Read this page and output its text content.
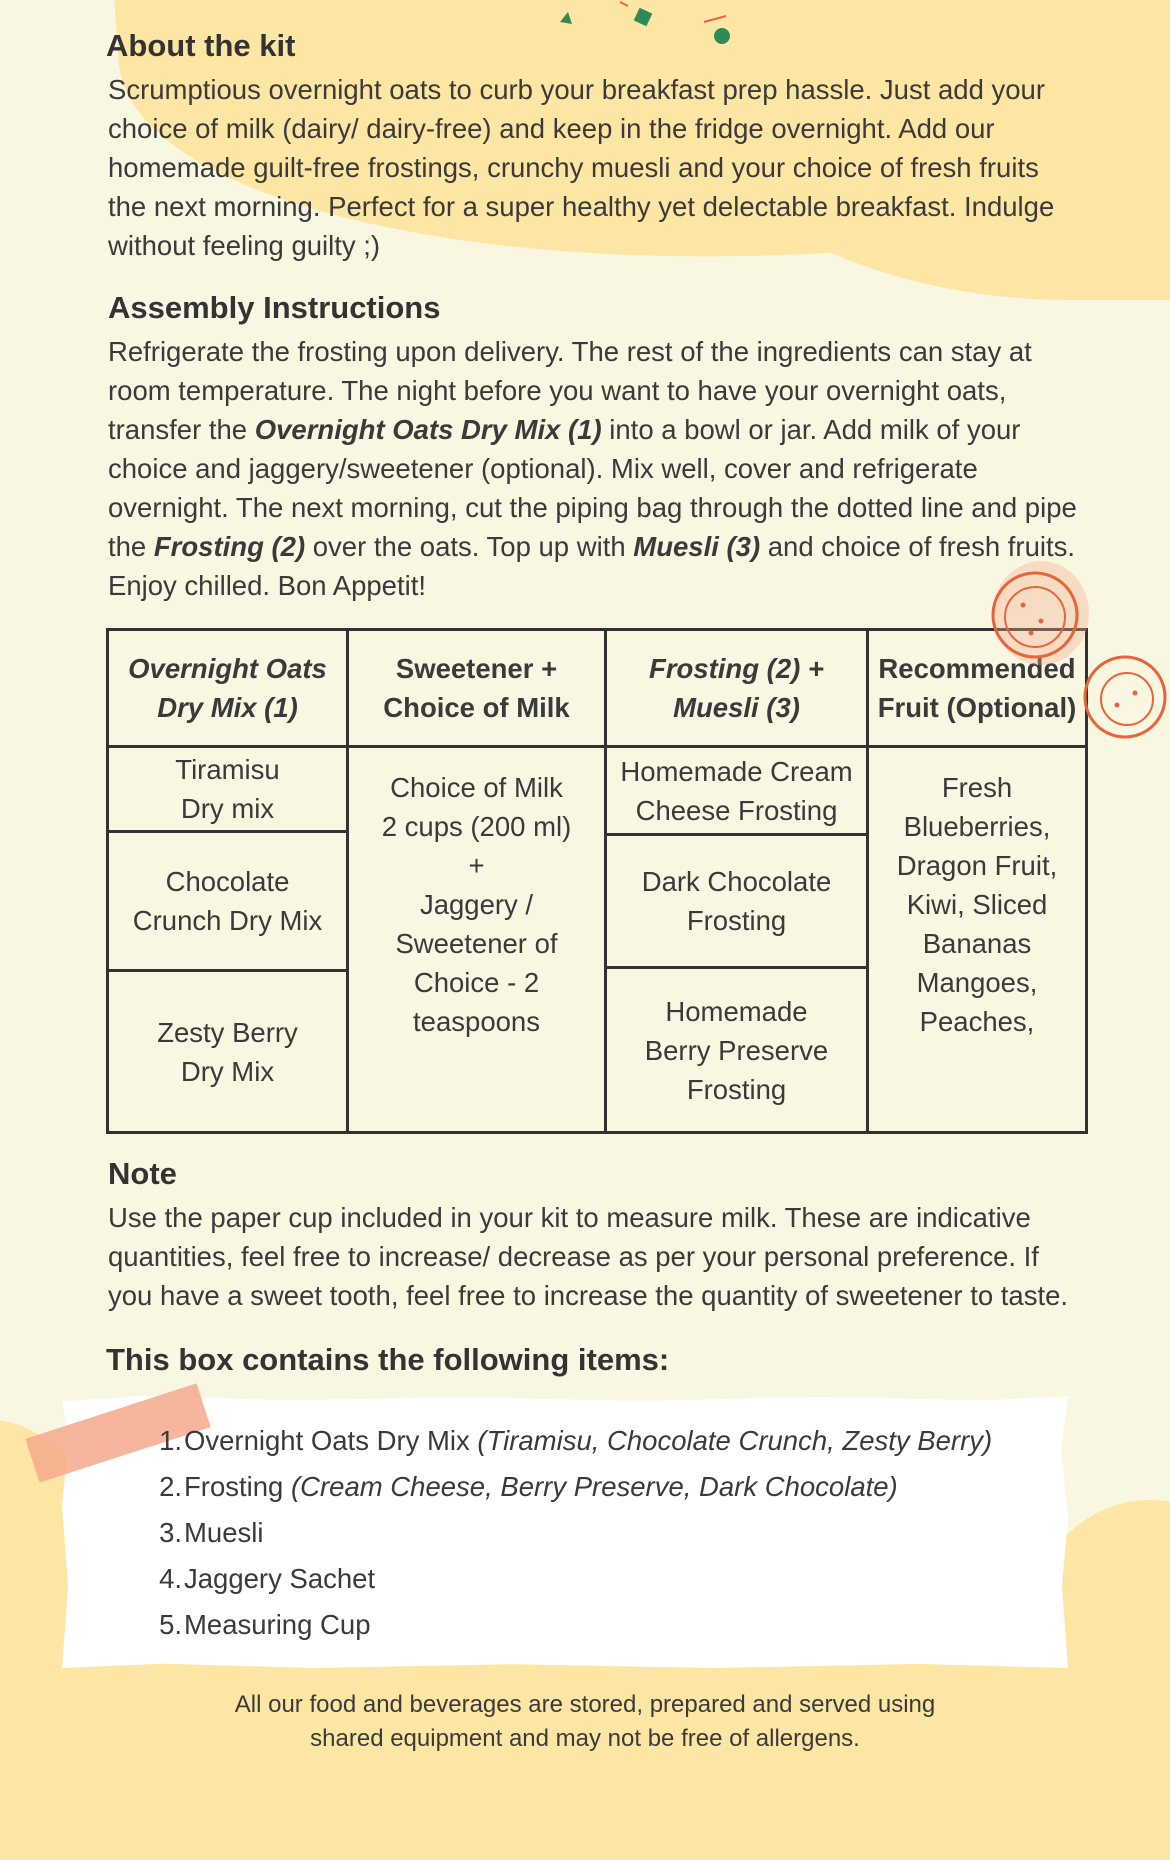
About the kit

Scrumptious overnight oats to curb your breakfast prep hassle. Just add your
choice of milk (dairy/ dairy-free) and keep in the fridge overnight. Add our
homemade guilt-free frostings, crunchy muesli and your choice of fresh fruits
the next morning. Perfect for a super healthy yet delectable breakfast. Indulge
without feeling guilty ;)

Assembly Instructions

Refrigerate the frosting upon delivery. The rest of the ingredients can stay at
room temperature. The night before you want to have your overnight oats,
transfer the Overnight Oats Dry Mix (1) into a bowl or jar. Add milk of your
choice and jaggery/sweetener (optional). Mix well, cover and refrigerate
overnight. The next morning, cut the piping bag through the dotted line and pipe
the Frosting (2) over the oats. Top up with Muesli (3) and choice of fresh fruits.
Enjoy chilled. Bon Appetit!

Overnight Oats
Dry Mix (1)
Sweetener +
Choice of Milk
Frosting (2) +
Muesli (3)
Recommended
Fruit (Optional)
Tiramisu
Dry mix
Chocolate
Crunch Dry Mix
Zesty Berry
Dry Mix
Choice of Milk
2 cups (200 ml)
+
Jaggery /
Sweetener of
Choice - 2
teaspoons
Homemade Cream
Cheese Frosting
Dark Chocolate
Frosting
Homemade
Berry Preserve
Frosting
Fresh
Blueberries,
Dragon Fruit,
Kiwi, Sliced
Bananas
Mangoes,
Peaches,
Note

Use the paper cup included in your kit to measure milk. These are indicative
quantities, feel free to increase/ decrease as per your personal preference. If
you have a sweet tooth, feel free to increase the quantity of sweetener to taste.

This box contains the following items:
1. Overnight Oats Dry Mix (Tiramisu, Chocolate Crunch, Zesty Berry)
2. Frosting (Cream Cheese, Berry Preserve, Dark Chocolate)
3. Muesli
4. Jaggery Sachet
5. Measuring Cup
All our food and beverages are stored, prepared and served using
shared equipment and may not be free of allergens.
